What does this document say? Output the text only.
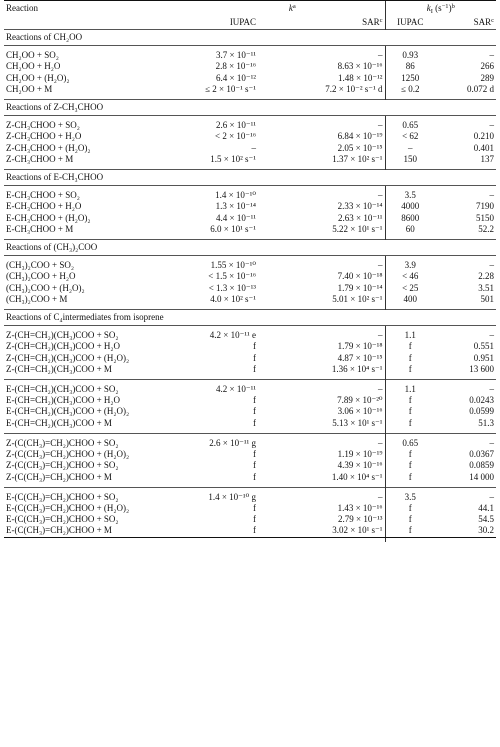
Reaction	$k^a$		$k_I$ $(s^{-1})^b$
	IUPAC	SAR$^c$	IUPAC	SAR$^c$
Reactions of CH₂OO				

CH₂OO + SO₂	3.7 × 10⁻¹¹	–	0.93	–
CH₂OO + H₂O	2.8 × 10⁻¹⁶	8.63 × 10⁻¹⁶	86	266
CH₂OO + (H₂O)₂	6.4 × 10⁻¹²	1.48 × 10⁻¹²	1250	289
CH₂OO + M	≤ 2 × 10⁻¹ s⁻¹	7.2 × 10⁻² s⁻¹ d	≤ 0.2	0.072 d

Reactions of Z-CH₃CHOO				

Z-CH₃CHOO + SO₂	2.6 × 10⁻¹¹	–	0.65	–
Z-CH₃CHOO + H₂O	< 2 × 10⁻¹⁶	6.84 × 10⁻¹⁹	< 62	0.210
Z-CH₃CHOO + (H₂O)₂	–	2.05 × 10⁻¹⁵	–	0.401
Z-CH₃CHOO + M	1.5 × 10² s⁻¹	1.37 × 10² s⁻¹	150	137

Reactions of E-CH₃CHOO				

E-CH₃CHOO + SO₂	1.4 × 10⁻¹⁰	–	3.5	–
E-CH₃CHOO + H₂O	1.3 × 10⁻¹⁴	2.33 × 10⁻¹⁴	4000	7190
E-CH₃CHOO + (H₂O)₂	4.4 × 10⁻¹¹	2.63 × 10⁻¹¹	8600	5150
E-CH₃CHOO + M	6.0 × 10¹ s⁻¹	5.22 × 10¹ s⁻¹	60	52.2

Reactions of (CH₃)₂COO				

(CH₃)₂COO + SO₂	1.55 × 10⁻¹⁰	–	3.9	–
(CH₃)₂COO + H₂O	< 1.5 × 10⁻¹⁶	7.40 × 10⁻¹⁸	< 46	2.28
(CH₃)₂COO + (H₂O)₂	< 1.3 × 10⁻¹³	1.79 × 10⁻¹⁴	< 25	3.51
(CH₃)₂COO + M	4.0 × 10² s⁻¹	5.01 × 10² s⁻¹	400	501

Reactions of C₄intermediates from isoprene				

Z-(CH=CH₂)(CH₃)COO + SO₂	4.2 × 10⁻¹¹ e	–	1.1	–
Z-(CH=CH₂)(CH₃)COO + H₂O	f	1.79 × 10⁻¹⁸	f	0.551
Z-(CH=CH₂)(CH₃)COO + (H₂O)₂	f	4.87 × 10⁻¹⁵	f	0.951
Z-(CH=CH₂)(CH₃)COO + M	f	1.36 × 10⁴ s⁻¹	f	13 600

E-(CH=CH₂)(CH₃)COO + SO₂	4.2 × 10⁻¹¹	–	1.1	–
E-(CH=CH₂)(CH₃)COO + H₂O	f	7.89 × 10⁻²⁰	f	0.0243
E-(CH=CH₂)(CH₃)COO + (H₂O)₂	f	3.06 × 10⁻¹⁶	f	0.0599
E-(CH=CH₂)(CH₃)COO + M	f	5.13 × 10¹ s⁻¹	f	51.3

Z-(C(CH₃)=CH₂)CHOO + SO₂	2.6 × 10⁻¹¹ g	–	0.65	–
Z-(C(CH₃)=CH₂)CHOO + (H₂O)₂	f	1.19 × 10⁻¹⁹	f	0.0367
Z-(C(CH₃)=CH₂)CHOO + SO₂	f	4.39 × 10⁻¹⁶	f	0.0859
Z-(C(CH₃)=CH₂)CHOO + M	f	1.40 × 10⁴ s⁻¹	f	14 000

E-(C(CH₃)=CH₂)CHOO + SO₂	1.4 × 10⁻¹⁰ g	–	3.5	–
E-(C(CH₃)=CH₂)CHOO + (H₂O)₂	f	1.43 × 10⁻¹⁶	f	44.1
E-(C(CH₃)=CH₂)CHOO + SO₂	f	2.79 × 10⁻¹³	f	54.5
E-(C(CH₃)=CH₂)CHOO + M	f	3.02 × 10¹ s⁻¹	f	30.2
